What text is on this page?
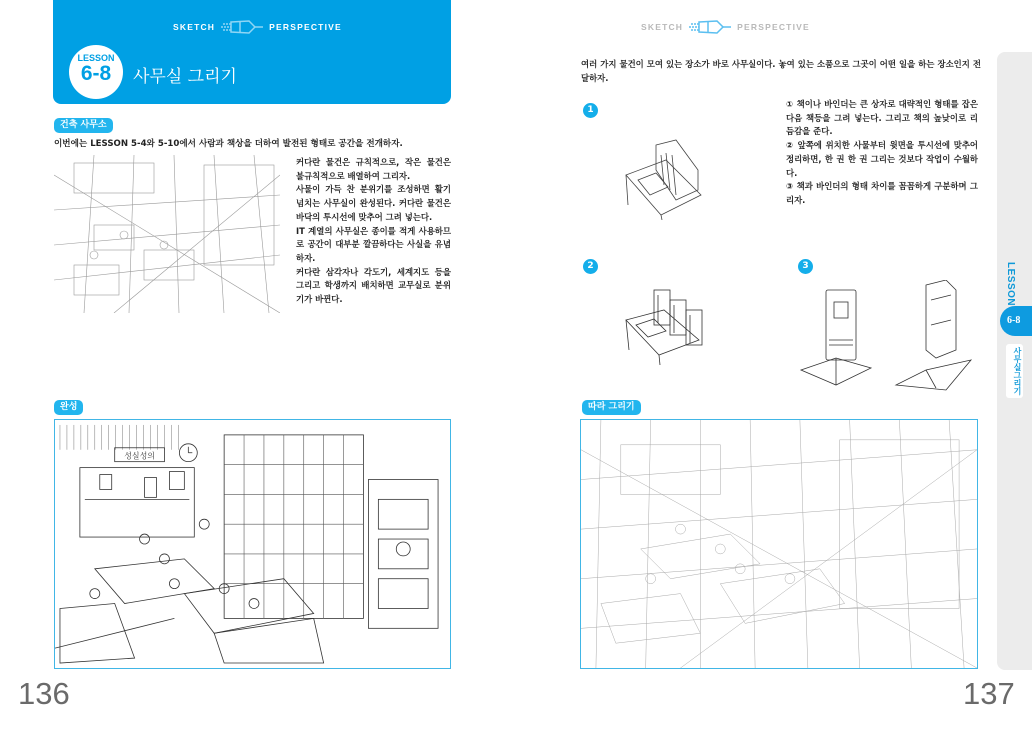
SKETCH	PERSPECTIVE
LESSON
6-8	사무실 그리기
건축 사무소
이번에는 LESSON 5-4와 5-10에서 사람과 책상을 더하여 발전된 형태로 공간을 전개하자.

커다란 물건은 규칙적으로, 작은 물건은 불규칙적으로 배열하여 그리자.

사물이 가득 찬 분위기를 조성하면 활기 넘치는 사무실이 완성된다. 커다란 물건은 바닥의 투시선에 맞추어 그려 넣는다.

IT 계열의 사무실은 종이를 적게 사용하므로 공간이 대부분 깔끔하다는 사실을 유념하자.

커다란 삼각자나 각도기, 세계지도 등을 그리고 학생까지 배치하면 교무실로 분위기가 바뀐다.

완성
성실성의
136
SKETCH	PERSPECTIVE
여러 가지 물건이 모여 있는 장소가 바로 사무실이다. 놓여 있는 소품으로 그곳이 어떤 일을 하는 장소인지 전달하자.
1

① 책이나 바인더는 큰 상자로 대략적인 형태를 잡은 다음 책등을 그려 넣는다. 그리고 책의 높낮이로 리듬감을 준다.

② 앞쪽에 위치한 사물부터 윗면을 투시선에 맞추어 정리하면, 한 권 한 권 그리는 것보다 작업이 수월하다.

③ 책과 바인더의 형태 차이를 꼼꼼하게 구분하며 그리자.

2	3
따라 그리기
LESSON
6-8
사무실그리기
137
